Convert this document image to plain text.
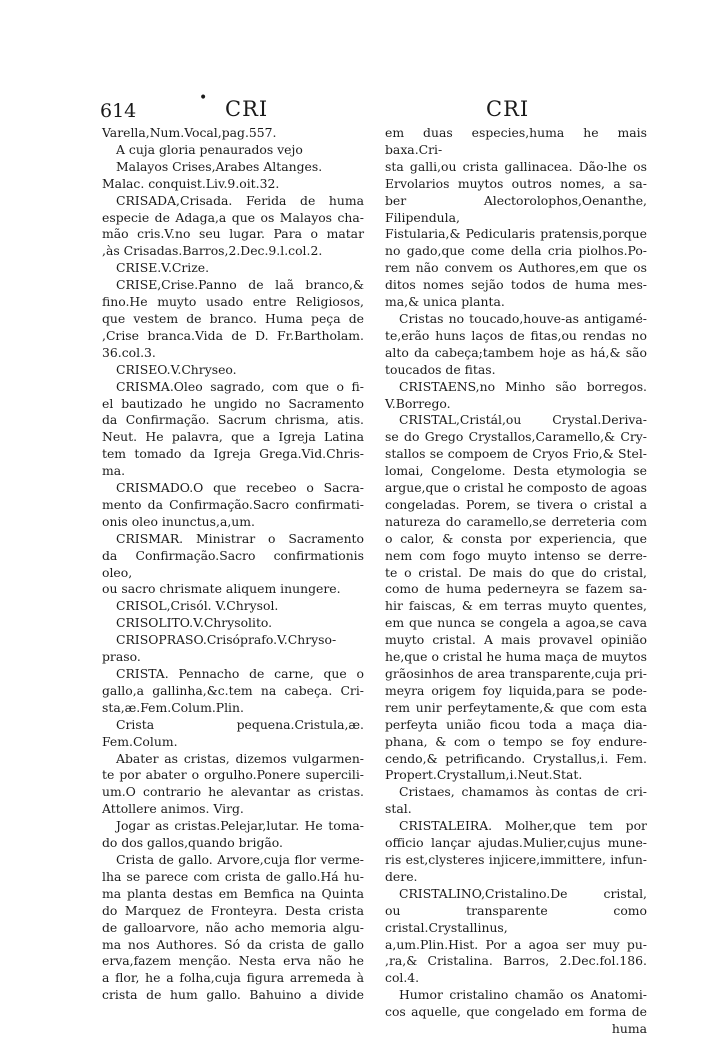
614
• CRI	CRI

Varella,Num.Vocal,pag.557.

A cuja gloria penaurados vejo

Malayos Crises,Arabes Altanges.

Malac. conquist.Liv.9.oit.32.

CRISADA,Crisada. Ferida de huma

especie de Adaga,a que os Malayos cha-

mão cris.V.no seu lugar. Para o matar

,às Crisadas.Barros,2.Dec.9.l.col.2.

CRISE.V.Crize.

CRISE,Crise.Panno de laã branco,&

fino.He muyto usado entre Religiosos,

que vestem de branco. Huma peça de

,Crise branca.Vida de D. Fr.Bartholam.

36.col.3.

CRISEO.V.Chryseo.

CRISMA.Oleo sagrado, com que o fi-

el bautizado he ungido no Sacramento

da Confirmação. Sacrum chrisma, atis.

Neut. He palavra, que a Igreja Latina

tem tomado da Igreja Grega.Vid.Chris-

ma.

CRISMADO.O que recebeo o Sacra-

mento da Confirmação.Sacro confirmati-

onis oleo inunctus,a,um.

CRISMAR. Ministrar o Sacramento

da Confirmação.Sacro confirmationis oleo,

ou sacro chrismate aliquem inungere.

CRISOL,Crisól. V.Chrysol.

CRISOLITO.V.Chrysolito.

CRISOPRASO.Crisóprafo.V.Chryso-

praso.

CRISTA. Pennacho de carne, que o

gallo,a gallinha,&c.tem na cabeça. Cri-

sta,æ.Fem.Colum.Plin.

Crista pequena.Cristula,æ. Fem.Colum.

Abater as cristas, dizemos vulgarmen-

te por abater o orgulho.Ponere supercili-

um.O contrario he alevantar as cristas.

Attollere animos. Virg.

Jogar as cristas.Pelejar,lutar. He toma-

do dos gallos,quando brigão.

Crista de gallo. Arvore,cuja flor verme-

lha se parece com crista de gallo.Há hu-

ma planta destas em Bemfica na Quinta

do Marquez de Fronteyra. Desta crista

de galloarvore, não acho memoria algu-

ma nos Authores. Só da crista de gallo

erva,fazem menção. Nesta erva não he

a flor, he a folha,cuja figura arremeda à

crista de hum gallo. Bahuino a divide

em duas especies,huma he mais baxa.Cri-

sta galli,ou crista gallinacea. Dão-lhe os

Ervolarios muytos outros nomes, a sa-

ber Alectorolophos,Oenanthe, Filipendula,

Fistularia,& Pedicularis pratensis,porque

no gado,que come della cria piolhos.Po-

rem não convem os Authores,em que os

ditos nomes sejão todos de huma mes-

ma,& unica planta.

Cristas no toucado,houve-as antigamé-

te,erão huns laços de fitas,ou rendas no

alto da cabeça;tambem hoje as há,& são

toucados de fitas.

CRISTAENS,no Minho são borregos.

V.Borrego.

CRISTAL,Cristál,ou Crystal.Deriva-

se do Grego Crystallos,Caramello,& Cry-

stallos se compoem de Cryos Frio,& Stel-

lomai, Congelome. Desta etymologia se

argue,que o cristal he composto de agoas

congeladas. Porem, se tivera o cristal a

natureza do caramello,se derreteria com

o calor, & consta por experiencia, que

nem com fogo muyto intenso se derre-

te o cristal. De mais do que do cristal,

como de huma pederneyra se fazem sa-

hir faiscas, & em terras muyto quentes,

em que nunca se congela a agoa,se cava

muyto cristal. A mais provavel opinião

he,que o cristal he huma maça de muytos

grãosinhos de area transparente,cuja pri-

meyra origem foy liquida,para se pode-

rem unir perfeytamente,& que com esta

perfeyta união ficou toda a maça dia-

phana, & com o tempo se foy endure-

cendo,& petrificando. Crystallus,i. Fem.

Propert.Crystallum,i.Neut.Stat.

Cristaes, chamamos às contas de cri-

stal.

CRISTALEIRA. Molher,que tem por

officio lançar ajudas.Mulier,cujus mune-

ris est,clysteres injicere,immittere, infun-

dere.

CRISTALINO,Cristalino.De cristal,

ou transparente como cristal.Crystallinus,

a,um.Plin.Hist. Por a agoa ser muy pu-

,ra,& Cristalina. Barros, 2.Dec.fol.186.

col.4.

Humor cristalino chamão os Anatomi-

cos aquelle, que congelado em forma de

huma
